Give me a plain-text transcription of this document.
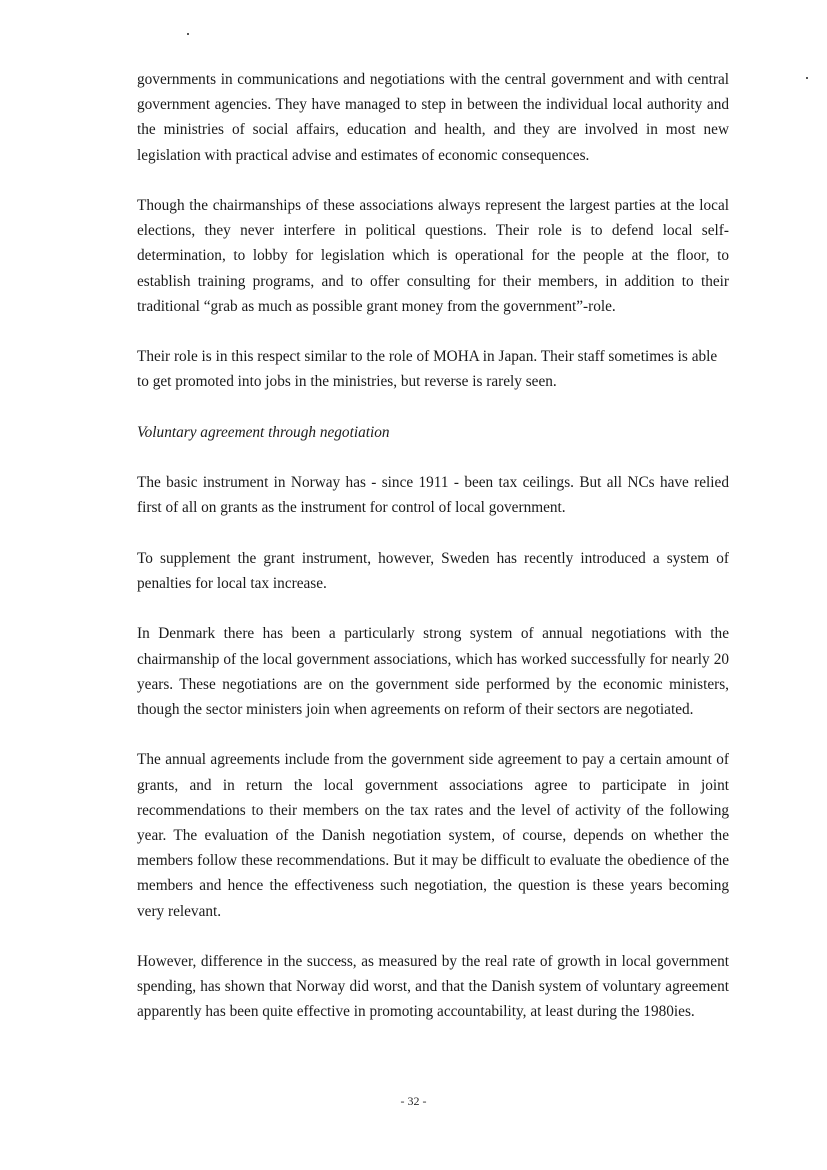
governments in communications and negotiations with the central government and with central government agencies. They have managed to step in between the individual local authority and the ministries of social affairs, education and health, and they are involved in most new legislation with practical advise and estimates of economic consequences.

Though the chairmanships of these associations always represent the largest parties at the local elections, they never interfere in political questions. Their role is to defend local self-determination, to lobby for legislation which is operational for the people at the floor, to establish training programs, and to offer consulting for their members, in addition to their traditional “grab as much as possible grant money from the government”-role.

Their role is in this respect similar to the role of MOHA in Japan. Their staff sometimes is able to get promoted into jobs in the ministries, but reverse is rarely seen.

Voluntary agreement through negotiation

The basic instrument in Norway has - since 1911 - been tax ceilings. But all NCs have relied first of all on grants as the instrument for control of local government.

To supplement the grant instrument, however, Sweden has recently introduced a system of penalties for local tax increase.

In Denmark there has been a particularly strong system of annual negotiations with the chairmanship of the local government associations, which has worked successfully for nearly 20 years. These negotiations are on the government side performed by the economic ministers, though the sector ministers join when agreements on reform of their sectors are negotiated.

The annual agreements include from the government side agreement to pay a certain amount of grants, and in return the local government associations agree to participate in joint recommendations to their members on the tax rates and the level of activity of the following year. The evaluation of the Danish negotiation system, of course, depends on whether the members follow these recommendations. But it may be difficult to evaluate the obedience of the members and hence the effectiveness such negotiation, the question is these years becoming very relevant.

However, difference in the success, as measured by the real rate of growth in local government spending, has shown that Norway did worst, and that the Danish system of voluntary agreement apparently has been quite effective in promoting accountability, at least during the 1980ies.

- 32 -
